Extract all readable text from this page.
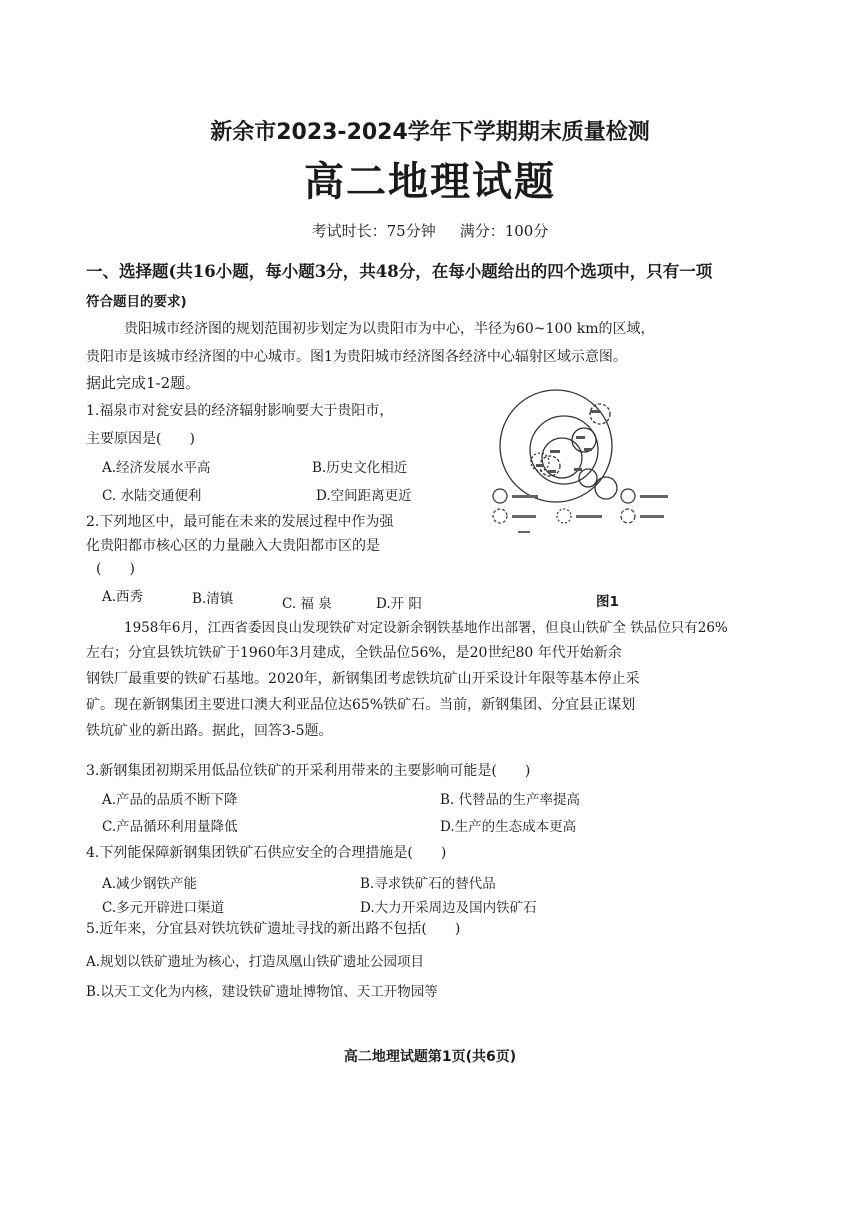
新余市2023-2024学年下学期期末质量检测
高二地理试题
考试时长：75分钟 满分：100分
一、选择题(共16小题，每小题3分，共48分，在每小题给出的四个选项中，只有一项
符合题目的要求)
贵阳城市经济图的规划范围初步划定为以贵阳市为中心，半径为60~100 km的区域，
贵阳市是该城市经济图的中心城市。图1为贵阳城市经济图各经济中心辐射区域示意图。
据此完成1-2题。
1.福泉市对瓮安县的经济辐射影响要大于贵阳市，
主要原因是(　　)
A.经济发展水平高	B.历史文化相近
C. 水陆交通便利	D.空间距离更近
2.下列地区中，最可能在未来的发展过程中作为强
化贵阳都市核心区的力量融入大贵阳都市区的是
(　　)
A.西秀	B.清镇	C. 福 泉	D.开 阳	图1
1958年6月，江西省委因良山发现铁矿对定设新余钢铁基地作出部署，但良山铁矿全 铁品位只有26%
左右；分宜县铁坑铁矿于1960年3月建成，全铁品位56%，是20世纪80 年代开始新余
钢铁厂最重要的铁矿石基地。2020年，新钢集团考虑铁坑矿山开采设计年限等基本停止采
矿。现在新钢集团主要进口澳大利亚品位达65%铁矿石。当前，新钢集团、分宜县正谋划
铁坑矿业的新出路。据此，回答3-5题。
3.新钢集团初期采用低品位铁矿的开采利用带来的主要影响可能是(　　)
A.产品的品质不断下降	B. 代替品的生产率提高
C.产品循环利用量降低	D.生产的生态成本更高
4.下列能保障新钢集团铁矿石供应安全的合理措施是(　　)
A.减少钢铁产能	B.寻求铁矿石的替代品
C.多元开辟进口渠道	D.大力开采周边及国内铁矿石
5.近年来，分宜县对铁坑铁矿遗址寻找的新出路不包括(　　)
A.规划以铁矿遗址为核心，打造凤凰山铁矿遗址公园项目
B.以天工文化为内核，建设铁矿遗址博物馆、天工开物园等
高二地理试题第1页(共6页)
